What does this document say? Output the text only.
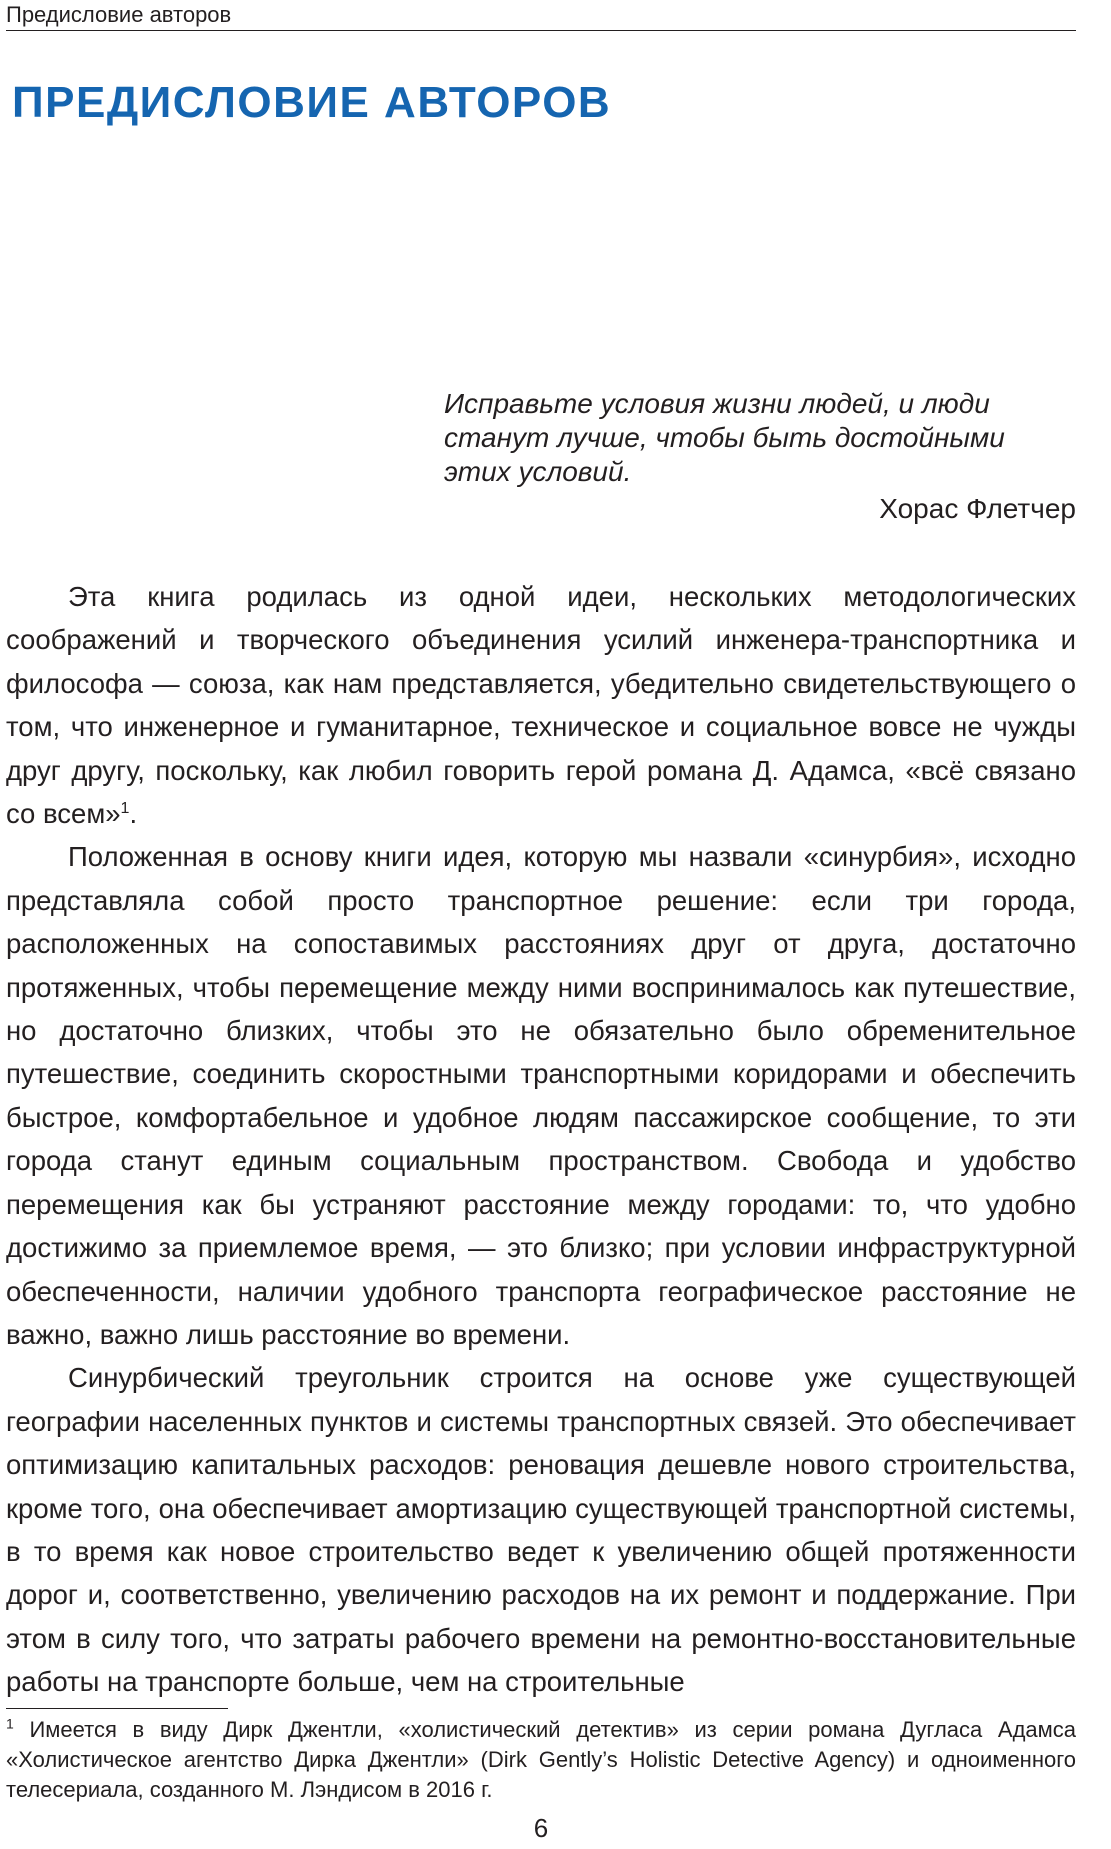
Предисловие авторов
ПРЕДИСЛОВИЕ АВТОРОВ

Исправьте условия жизни людей, и люди станут лучше, чтобы быть достойными этих условий.

Хорас Флетчер

Эта книга родилась из одной идеи, нескольких методологических соображений и творческого объединения усилий инженера-транспортника и философа — союза, как нам представляется, убедительно свидетельствующего о том, что инженерное и гуманитарное, техническое и социальное вовсе не чужды друг другу, поскольку, как любил говорить герой романа Д. Адамса, «всё связано со всем»$^1$.

Положенная в основу книги идея, которую мы назвали «синурбия», исходно представляла собой просто транспортное решение: если три города, расположенных на сопоставимых расстояниях друг от друга, достаточно протяженных, чтобы перемещение между ними воспринималось как путешествие, но достаточно близких, чтобы это не обязательно было обременительное путешествие, соединить скоростными транспортными коридорами и обеспечить быстрое, комфортабельное и удобное людям пассажирское сообщение, то эти города станут единым социальным пространством. Свобода и удобство перемещения как бы устраняют расстояние между городами: то, что удобно достижимо за приемлемое время, — это близко; при условии инфраструктурной обеспеченности, наличии удобного транспорта географическое расстояние не важно, важно лишь расстояние во времени.

Синурбический треугольник строится на основе уже существующей географии населенных пунктов и системы транспортных связей. Это обеспечивает оптимизацию капитальных расходов: реновация дешевле нового строительства, кроме того, она обеспечивает амортизацию существующей транспортной системы, в то время как новое строительство ведет к увеличению общей протяженности дорог и, соответственно, увеличению расходов на их ремонт и поддержание. При этом в силу того, что затраты рабочего времени на ремонтно-восстановительные работы на транспорте больше, чем на строительные

$^1$ Имеется в виду Дирк Джентли, «холистический детектив» из серии романа Дугласа Адамса «Холистическое агентство Дирка Джентли» (Dirk Gently’s Holistic Detective Agency) и одноименного телесериала, созданного М. Лэндисом в 2016 г.

6
